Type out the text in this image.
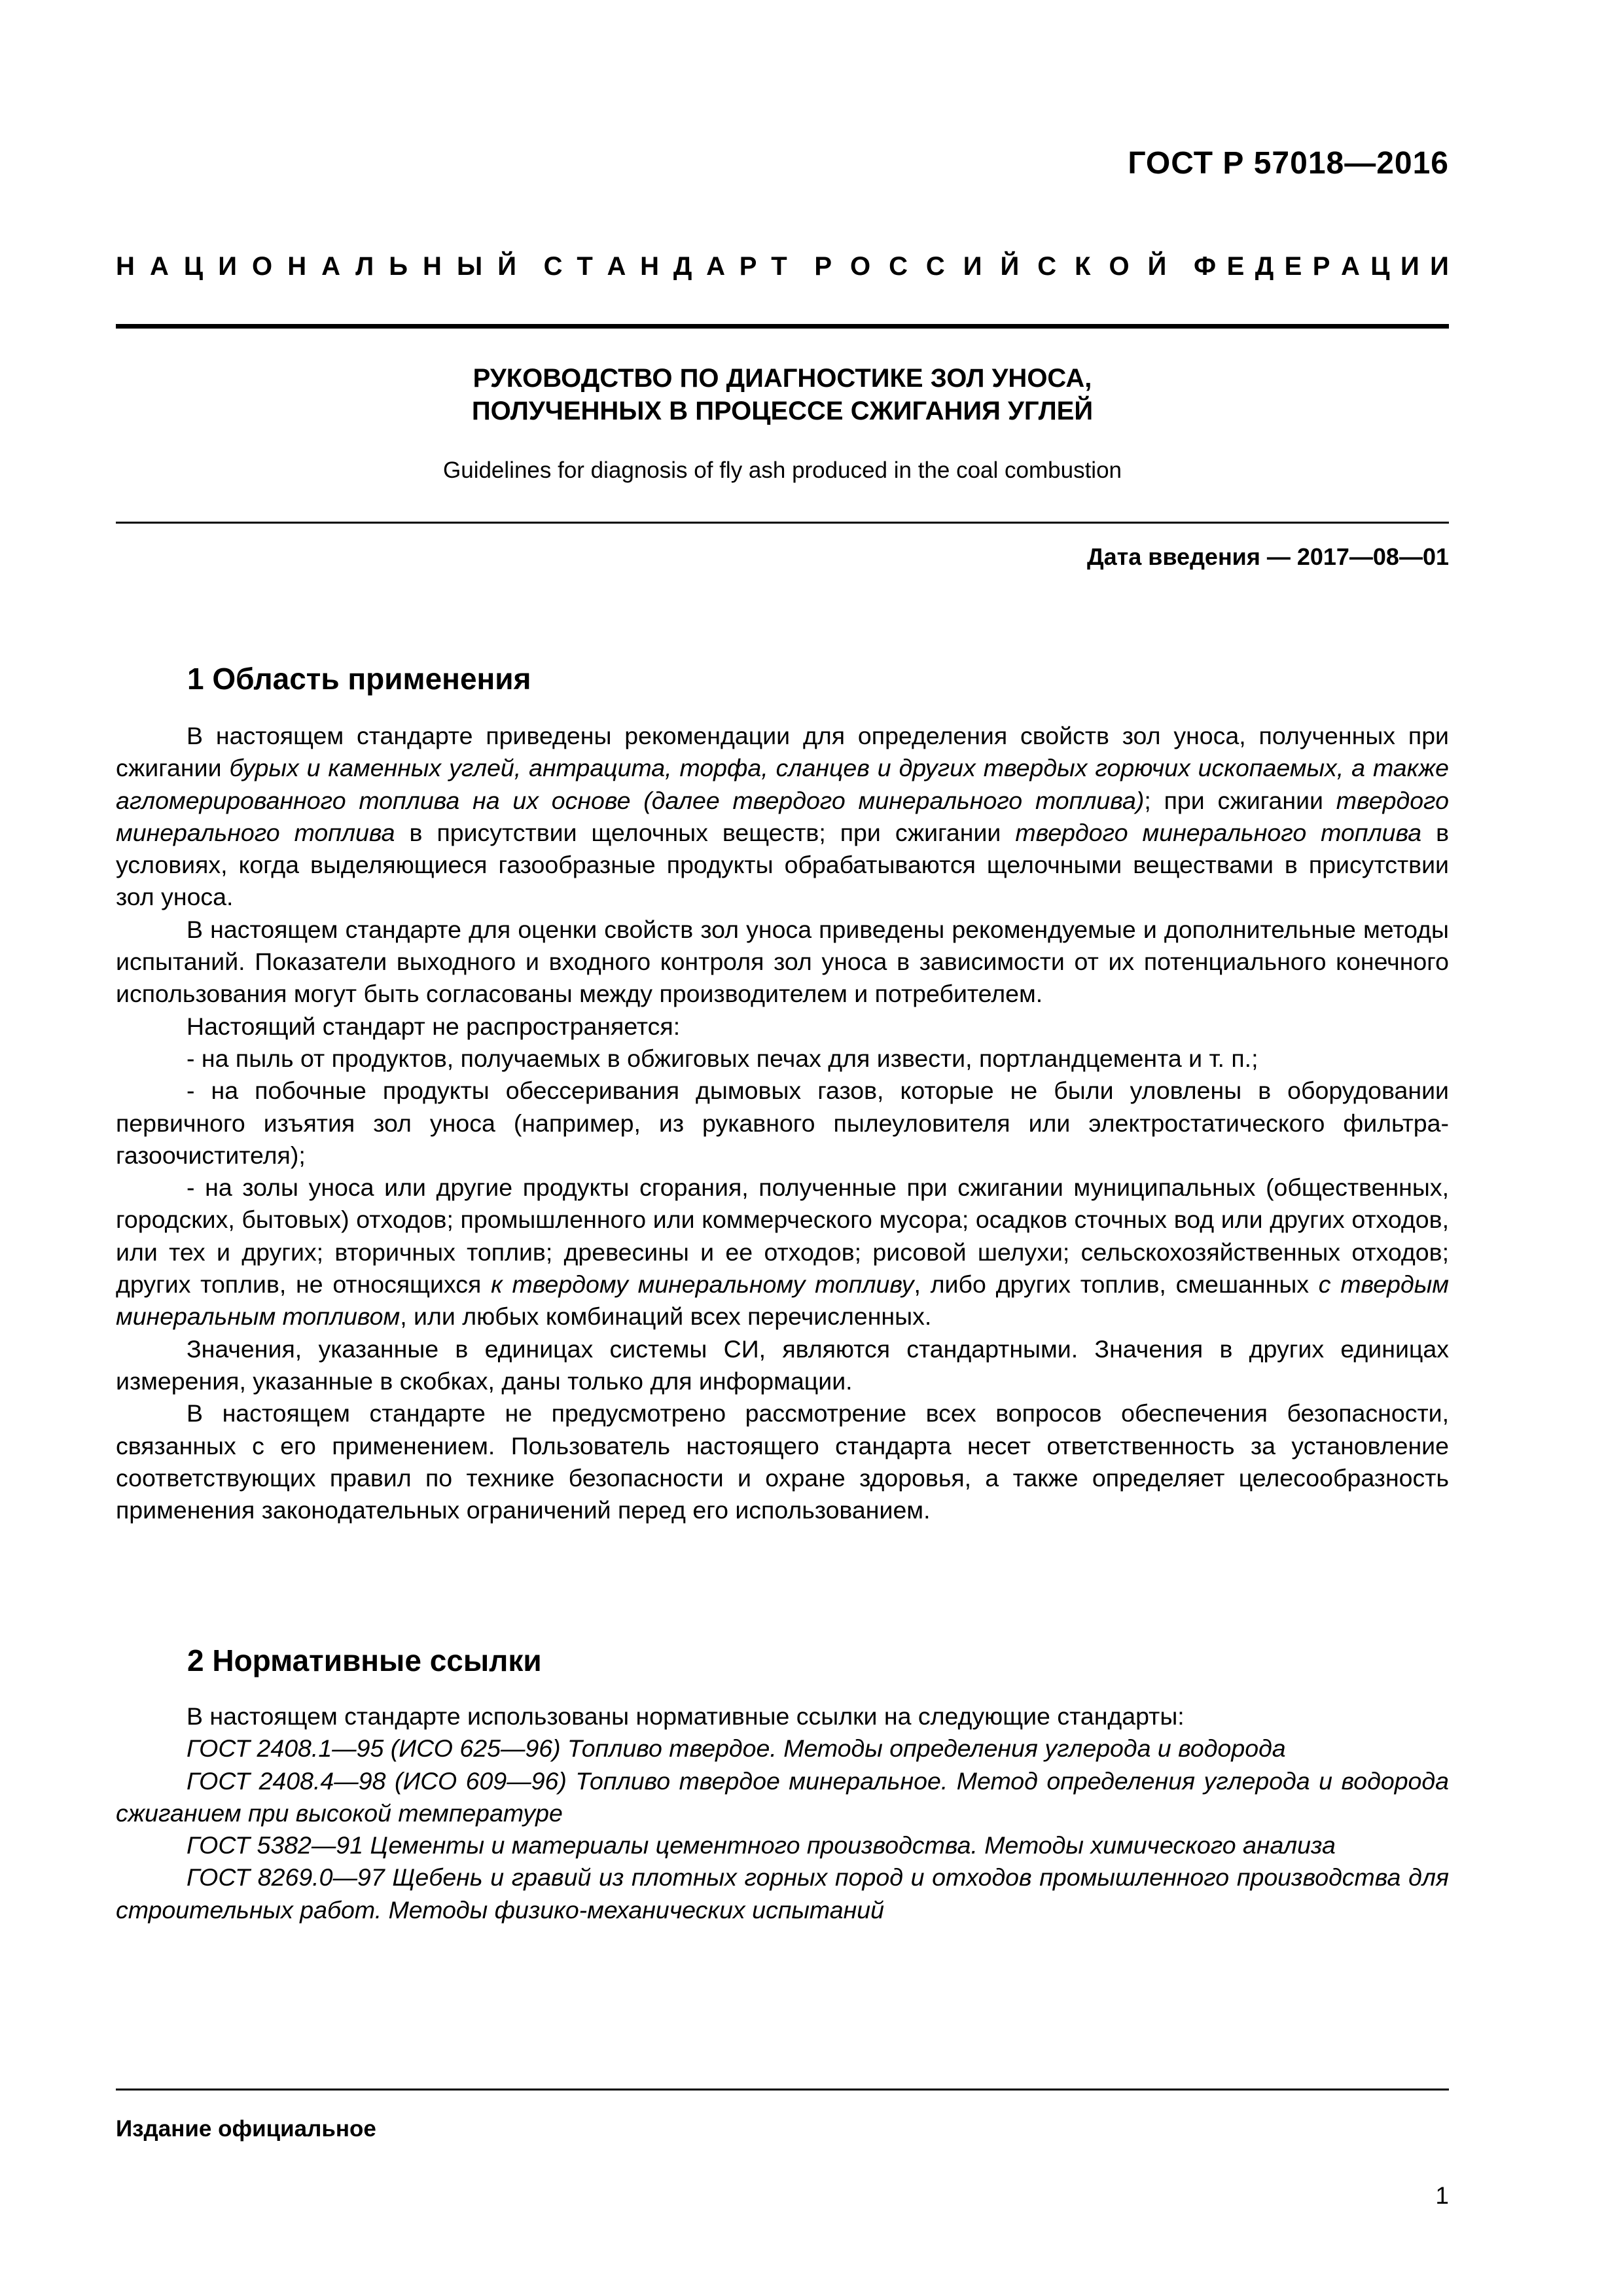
ГОСТ Р 57018—2016
Н А Ц И О Н А Л Ь Н Ы Й С Т А Н Д А Р Т Р О С С И Й С К О Й Ф Е Д Е Р А Ц И И
РУКОВОДСТВО ПО ДИАГНОСТИКЕ ЗОЛ УНОСА,
ПОЛУЧЕННЫХ В ПРОЦЕССЕ СЖИГАНИЯ УГЛЕЙ
Guidelines for diagnosis of fly ash produced in the coal combustion
Дата введения — 2017—08—01
1 Область применения

В настоящем стандарте приведены рекомендации для определения свойств зол уноса, полученных при сжигании бурых и каменных углей, антрацита, торфа, сланцев и других твердых горючих ископаемых, а также агломерированного топлива на их основе (далее твердого минерального топлива); при сжигании твердого минерального топлива в присутствии щелочных веществ; при сжигании твердого минерального топлива в условиях, когда выделяющиеся газообразные продукты обрабатываются щелочными веществами в присутствии зол уноса.

В настоящем стандарте для оценки свойств зол уноса приведены рекомендуемые и дополнительные методы испытаний. Показатели выходного и входного контроля зол уноса в зависимости от их потенциального конечного использования могут быть согласованы между производителем и потребителем.

Настоящий стандарт не распространяется:

- на пыль от продуктов, получаемых в обжиговых печах для извести, портландцемента и т. п.;

- на побочные продукты обессеривания дымовых газов, которые не были уловлены в оборудовании первичного изъятия зол уноса (например, из рукавного пылеуловителя или электростатического фильтра-газоочистителя);

- на золы уноса или другие продукты сгорания, полученные при сжигании муниципальных (общественных, городских, бытовых) отходов; промышленного или коммерческого мусора; осадков сточных вод или других отходов, или тех и других; вторичных топлив; древесины и ее отходов; рисовой шелухи; сельскохозяйственных отходов; других топлив, не относящихся к твердому минеральному топливу, либо других топлив, смешанных с твердым минеральным топливом, или любых комбинаций всех перечисленных.

Значения, указанные в единицах системы СИ, являются стандартными. Значения в других единицах измерения, указанные в скобках, даны только для информации.

В настоящем стандарте не предусмотрено рассмотрение всех вопросов обеспечения безопасности, связанных с его применением. Пользователь настоящего стандарта несет ответственность за установление соответствующих правил по технике безопасности и охране здоровья, а также определяет целесообразность применения законодательных ограничений перед его использованием.

2 Нормативные ссылки

В настоящем стандарте использованы нормативные ссылки на следующие стандарты:

ГОСТ 2408.1—95 (ИСО 625—96) Топливо твердое. Методы определения углерода и водорода

ГОСТ 2408.4—98 (ИСО 609—96) Топливо твердое минеральное. Метод определения углерода и водорода сжиганием при высокой температуре

ГОСТ 5382—91 Цементы и материалы цементного производства. Методы химического анализа

ГОСТ 8269.0—97 Щебень и гравий из плотных горных пород и отходов промышленного производства для строительных работ. Методы физико-механических испытаний

Издание официальное
1
